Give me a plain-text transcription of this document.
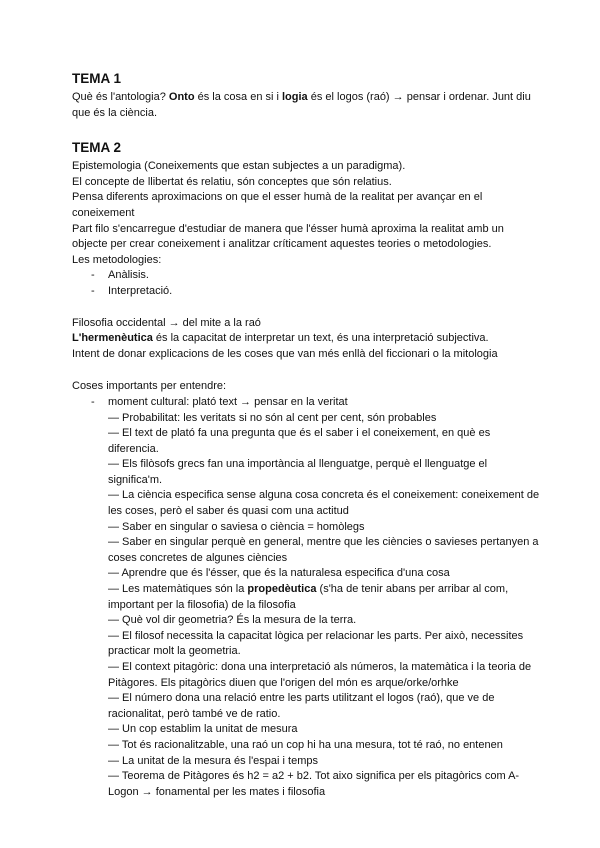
TEMA 1

Què és l'antologia? Onto és la cosa en si i logia és el logos (raó) → pensar i ordenar. Junt diu que és la ciència.

TEMA 2

Epistemologia (Coneixements que estan subjectes a un paradigma).

El concepte de llibertat és relatiu, són conceptes que són relatius.

Pensa diferents aproximacions on que el esser humà de la realitat per avançar en el coneixement

Part filo s'encarregue d'estudiar de manera que l'ésser humà aproxima la realitat amb un objecte per crear coneixement i analitzar críticament aquestes teories o metodologies.

Les metodologies:

-	Anàlisis.
-	Interpretació.

Filosofia occidental → del mite a la raó

L'hermenèutica és la capacitat de interpretar un text, és una interpretació subjectiva.

Intent de donar explicacions de les coses que van més enllà del ficcionari o la mitologia

Coses importants per entendre:

-	moment cultural: plató text → pensar en la veritat
— Probabilitat: les veritats si no són al cent per cent, són probables
— El text de plató fa una pregunta que és el saber i el coneixement, en què es diferencia.
— Els filòsofs grecs fan una importància al llenguatge, perquè el llenguatge el significa'm.
— La ciència especifica sense alguna cosa concreta és el coneixement: coneixement de les coses, però el saber és quasi com una actitud
— Saber en singular o saviesa o ciència = homòlegs
— Saber en singular perquè en general, mentre que les ciències o savieses pertanyen a coses concretes de algunes ciències
— Aprendre que és l'ésser, que és la naturalesa especifica d'una cosa
— Les matemàtiques són la propedèutica (s'ha de tenir abans per arribar al com, important per la filosofia) de la filosofia
— Què vol dir geometria? És la mesura de la terra.
— El filosof necessita la capacitat lògica per relacionar les parts. Per això, necessites practicar molt la geometria.
— El context pitagòric: dona una interpretació als números, la matemàtica i la teoria de Pitàgores. Els pitagòrics diuen que l'origen del món es arque/orke/orhke
— El número dona una relació entre les parts utilitzant el logos (raó), que ve de racionalitat, però també ve de ratio.
— Un cop establim la unitat de mesura
— Tot és racionalitzable, una raó un cop hi ha una mesura, tot té raó, no entenen
— La unitat de la mesura és l'espai i temps
— Teorema de Pitàgores és h2 = a2 + b2. Tot aixo significa per els pitagòrics com A-Logon → fonamental per les mates i filosofia
